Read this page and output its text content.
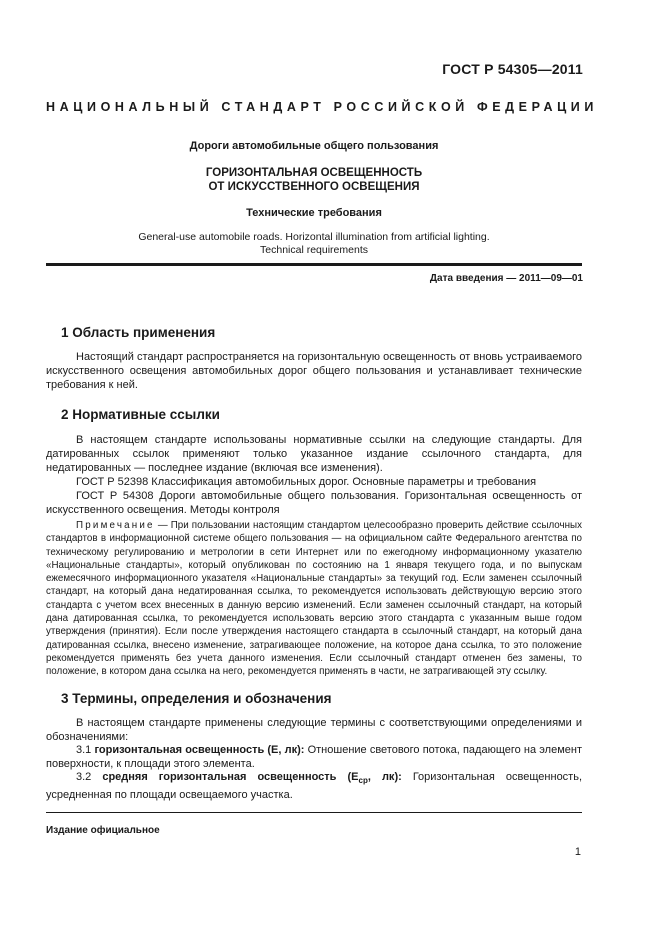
ГОСТ Р 54305—2011
НАЦИОНАЛЬНЫЙ СТАНДАРТ РОССИЙСКОЙ ФЕДЕРАЦИИ
Дороги автомобильные общего пользования
ГОРИЗОНТАЛЬНАЯ ОСВЕЩЕННОСТЬ
ОТ ИСКУССТВЕННОГО ОСВЕЩЕНИЯ
Технические требования
General-use automobile roads. Horizontal illumination from artificial lighting.
Technical requirements
Дата введения — 2011—09—01
1 Область применения

Настоящий стандарт распространяется на горизонтальную освещенность от вновь устраиваемого искусственного освещения автомобильных дорог общего пользования и устанавливает технические требования к ней.

2 Нормативные ссылки

В настоящем стандарте использованы нормативные ссылки на следующие стандарты. Для датированных ссылок применяют только указанное издание ссылочного стандарта, для недатированных — последнее издание (включая все изменения).

ГОСТ Р 52398 Классификация автомобильных дорог. Основные параметры и требования

ГОСТ Р 54308 Дороги автомобильные общего пользования. Горизонтальная освещенность от искусственного освещения. Методы контроля

Примечание — При пользовании настоящим стандартом целесообразно проверить действие ссылочных стандартов в информационной системе общего пользования — на официальном сайте Федерального агентства по техническому регулированию и метрологии в сети Интернет или по ежегодному информационному указателю «Национальные стандарты», который опубликован по состоянию на 1 января текущего года, и по выпускам ежемесячного информационного указателя «Национальные стандарты» за текущий год. Если заменен ссылочный стандарт, на который дана недатированная ссылка, то рекомендуется использовать действующую версию этого стандарта с учетом всех внесенных в данную версию изменений. Если заменен ссылочный стандарт, на который дана датированная ссылка, то рекомендуется использовать версию этого стандарта с указанным выше годом утверждения (принятия). Если после утверждения настоящего стандарта в ссылочный стандарт, на который дана датированная ссылка, внесено изменение, затрагивающее положение, на которое дана ссылка, то это положение рекомендуется применять без учета данного изменения. Если ссылочный стандарт отменен без замены, то положение, в котором дана ссылка на него, рекомендуется применять в части, не затрагивающей эту ссылку.

3 Термины, определения и обозначения

В настоящем стандарте применены следующие термины с соответствующими определениями и обозначениями:

3.1 горизонтальная освещенность (Е, лк): Отношение светового потока, падающего на элемент поверхности, к площади этого элемента.

3.2 средняя горизонтальная освещенность ($Е_{ср}$, лк): Горизонтальная освещенность, усредненная по площади освещаемого участка.

Издание официальное
1
